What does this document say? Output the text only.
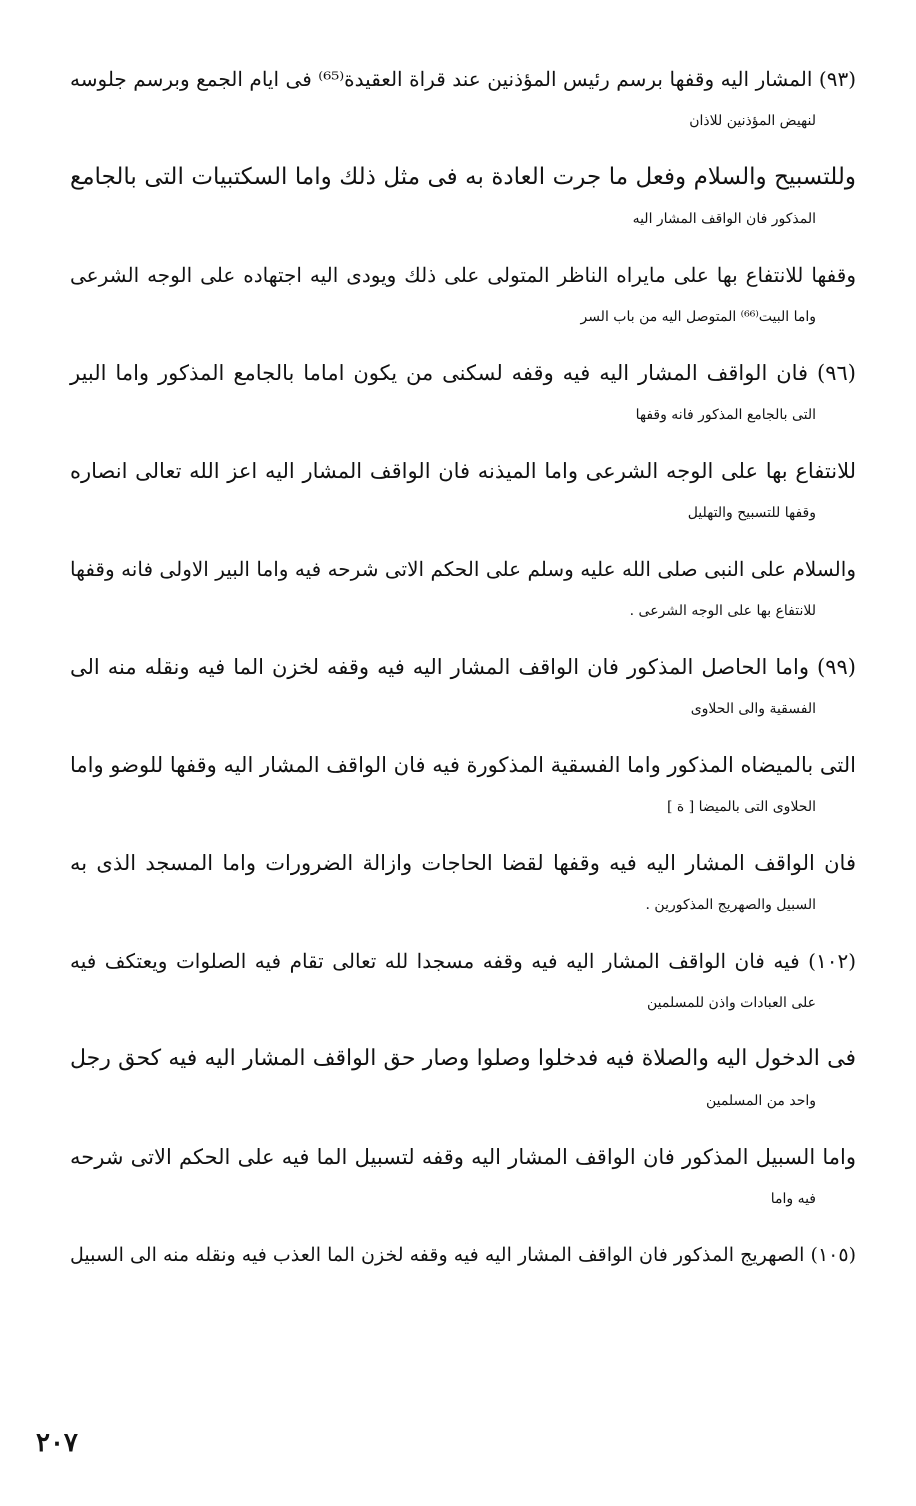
(٩٣) المشار اليه وقفها برسم رئيس المؤذنين عند قراة العقيدة⁽⁶⁵⁾ فى ايام الجمع وبرسم جلوسه
لنهيض المؤذنين للاذان
وللتسبيح والسلام وفعل ما جرت العادة به فى مثل ذلك واما السكتبيات التى بالجامع
المذكور فان الواقف المشار اليه
وقفها للانتفاع بها على مايراه الناظر المتولى على ذلك ويودى اليه اجتهاده على الوجه الشرعى
واما البيت⁽⁶⁶⁾ المتوصل اليه من باب السر
(٩٦) فان الواقف المشار اليه فيه وقفه لسكنى من يكون اماما بالجامع المذكور واما البير
التى بالجامع المذكور فانه وقفها
للانتفاع بها على الوجه الشرعى واما الميذنه فان الواقف المشار اليه اعز الله تعالى انصاره
وقفها للتسبيح والتهليل
والسلام على النبى صلى الله عليه وسلم على الحكم الاتى شرحه فيه واما البير الاولى فانه وقفها
للانتفاع بها على الوجه الشرعى .
(٩٩) واما الحاصل المذكور فان الواقف المشار اليه فيه وقفه لخزن الما فيه ونقله منه الى
الفسقية والى الحلاوى
التى بالميضاه المذكور واما الفسقية المذكورة فيه فان الواقف المشار اليه وقفها للوضو واما
الحلاوى التى بالميضا [ ة ]
فان الواقف المشار اليه فيه وقفها لقضا الحاجات وازالة الضرورات واما المسجد الذى به
السبيل والصهريج المذكورين .
(١٠٢) فيه فان الواقف المشار اليه فيه وقفه مسجدا لله تعالى تقام فيه الصلوات ويعتكف فيه
على العبادات واذن للمسلمين
فى الدخول اليه والصلاة فيه فدخلوا وصلوا وصار حق الواقف المشار اليه فيه كحق رجل
واحد من المسلمين
واما السبيل المذكور فان الواقف المشار اليه وقفه لتسبيل الما فيه على الحكم الاتى شرحه
فيه واما
(١٠٥) الصهريج المذكور فان الواقف المشار اليه فيه وقفه لخزن الما العذب فيه ونقله منه الى السبيل
٢٠٧
